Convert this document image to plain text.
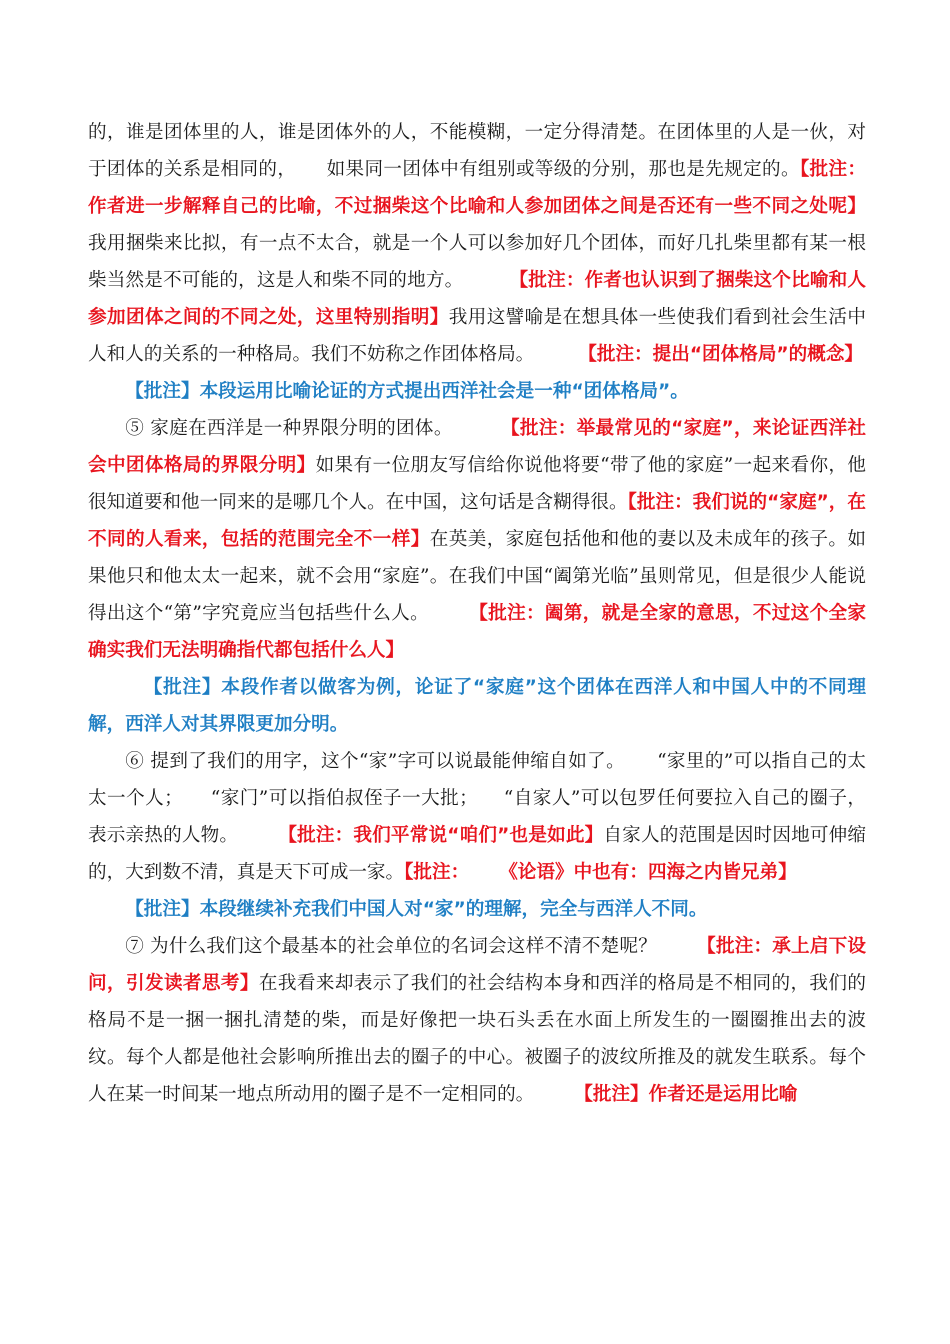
的，谁是团体里的人，谁是团体外的人，不能模糊，一定分得清楚。在团体里的人是一伙，对于团体的关系是相同的， 如果同一团体中有组别或等级的分别，那也是先规定的。【批注：作者进一步解释自己的比喻，不过捆柴这个比喻和人参加团体之间是否还有一些不同之处呢】我用捆柴来比拟，有一点不太合，就是一个人可以参加好几个团体，而好几扎柴里都有某一根柴当然是不可能的，这是人和柴不同的地方。 【批注：作者也认识到了捆柴这个比喻和人参加团体之间的不同之处，这里特别指明】我用这譬喻是在想具体一些使我们看到社会生活中人和人的关系的一种格局。我们不妨称之作团体格局。 【批注：提出“团体格局”的概念】

【批注】本段运用比喻论证的方式提出西洋社会是一种“团体格局”。

⑤ 家庭在西洋是一种界限分明的团体。	【批注：举最常见的“家庭”，来论证西洋社会中团体格局的界限分明】如果有一位朋友写信给你说他将要“带了他的家庭”一起来看你，他很知道要和他一同来的是哪几个人。在中国，这句话是含糊得很。【批注：我们说的“家庭”，在不同的人看来，包括的范围完全不一样】在英美，家庭包括他和他的妻以及未成年的孩子。如果他只和他太太一起来，就不会用“家庭”。在我们中国“阖第光临”虽则常见，但是很少人能说得出这个“第”字究竟应当包括些什么人。 【批注：阖第，就是全家的意思，不过这个全家确实我们无法明确指代都包括什么人】

【批注】本段作者以做客为例，论证了“家庭”这个团体在西洋人和中国人中的不同理解，西洋人对其界限更加分明。

⑥ 提到了我们的用字，这个“家”字可以说最能伸缩自如了。 “家里的”可以指自己的太太一个人； “家门”可以指伯叔侄子一大批； “自家人”可以包罗任何要拉入自己的圈子，表示亲热的人物。 【批注：我们平常说“咱们”也是如此】自家人的范围是因时因地可伸缩的，大到数不清，真是天下可成一家。【批注： 《论语》中也有：四海之内皆兄弟】

【批注】本段继续补充我们中国人对“家”的理解，完全与西洋人不同。

⑦ 为什么我们这个最基本的社会单位的名词会这样不清不楚呢？ 【批注：承上启下设问，引发读者思考】在我看来却表示了我们的社会结构本身和西洋的格局是不相同的，我们的格局不是一捆一捆扎清楚的柴，而是好像把一块石头丢在水面上所发生的一圈圈推出去的波纹。每个人都是他社会影响所推出去的圈子的中心。被圈子的波纹所推及的就发生联系。每个人在某一时间某一地点所动用的圈子是不一定相同的。 【批注】作者还是运用比喻
